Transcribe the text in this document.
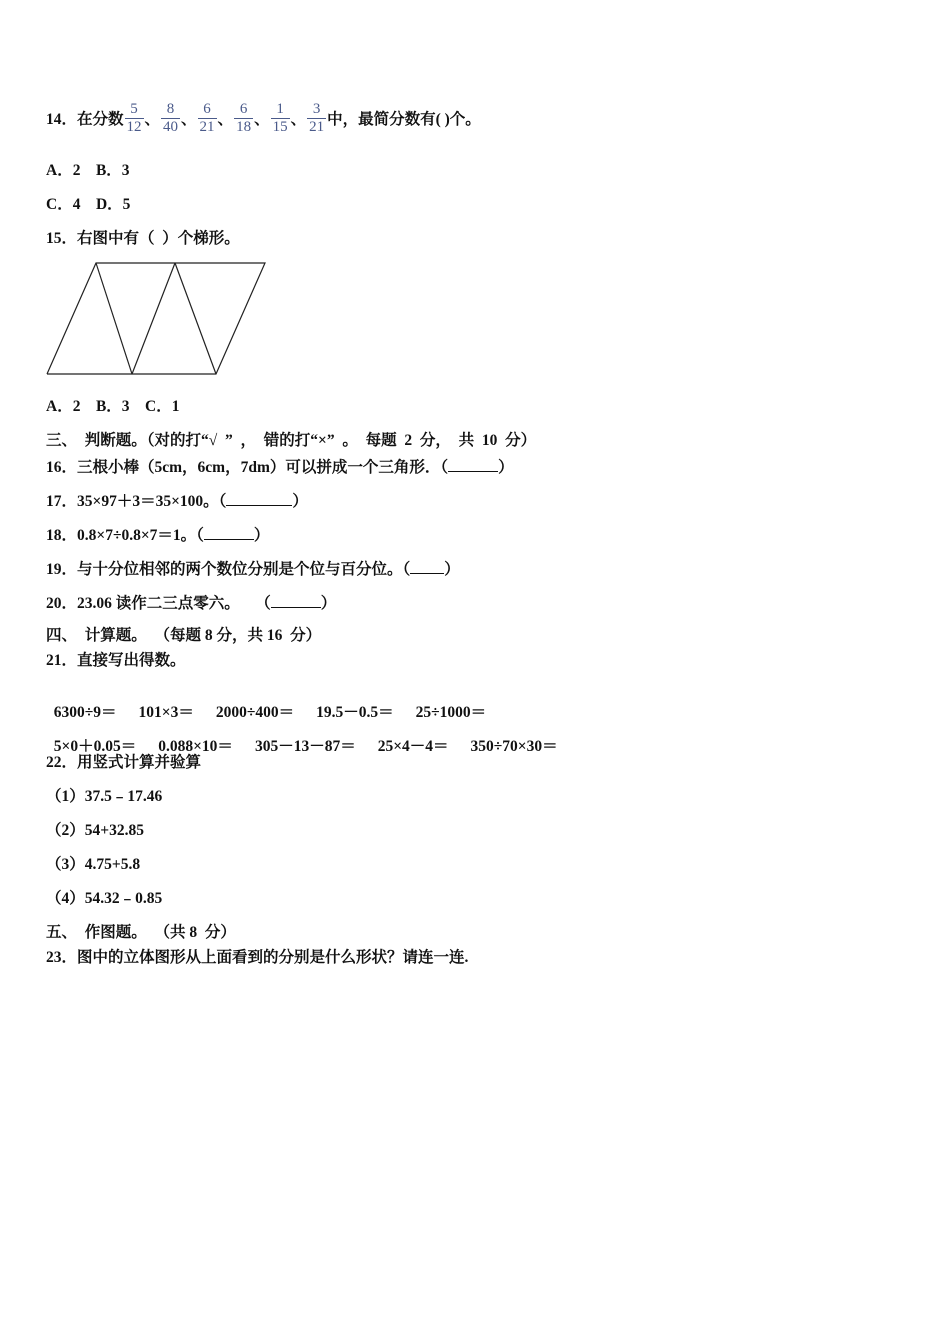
14．在分数 $\frac{5}{12}$ 、 $\frac{8}{40}$ 、 $\frac{6}{21}$ 、 $\frac{6}{18}$ 、 $\frac{1}{15}$ 、 $\frac{3}{21}$ 中，最简分数有( )个。
A．2    B．3
C．4    D．5
15．右图中有（  ）个梯形。
A．2    B．3    C．1
三、  判断题。（对的打“√  ”  ，  错的打“×”  。  每题  2  分，  共  10  分）
16．三根小棒（5cm，6cm，7dm）可以拼成一个三角形．（	）
17．35×97＋3＝35×100。（	）
18．0.8×7÷0.8×7＝1。（	）
19．与十分位相邻的两个数位分别是个位与百分位。（ ）
20．23.06 读作二三点零六。    （	）
四、  计算题。  （每题 8 分，共 16  分）
21．直接写出得数。

6300÷9＝ 101×3＝ 2000÷400＝ 19.5－0.5＝ 25÷1000＝

5×0＋0.05＝ 0.088×10＝ 305－13－87＝ 25×4－4＝ 350÷70×30＝

22．用竖式计算并验算
（1）37.5﹣17.46
（2）54+32.85
（3）4.75+5.8
（4）54.32﹣0.85
五、  作图题。  （共 8  分）
23．图中的立体图形从上面看到的分别是什么形状？请连一连.
